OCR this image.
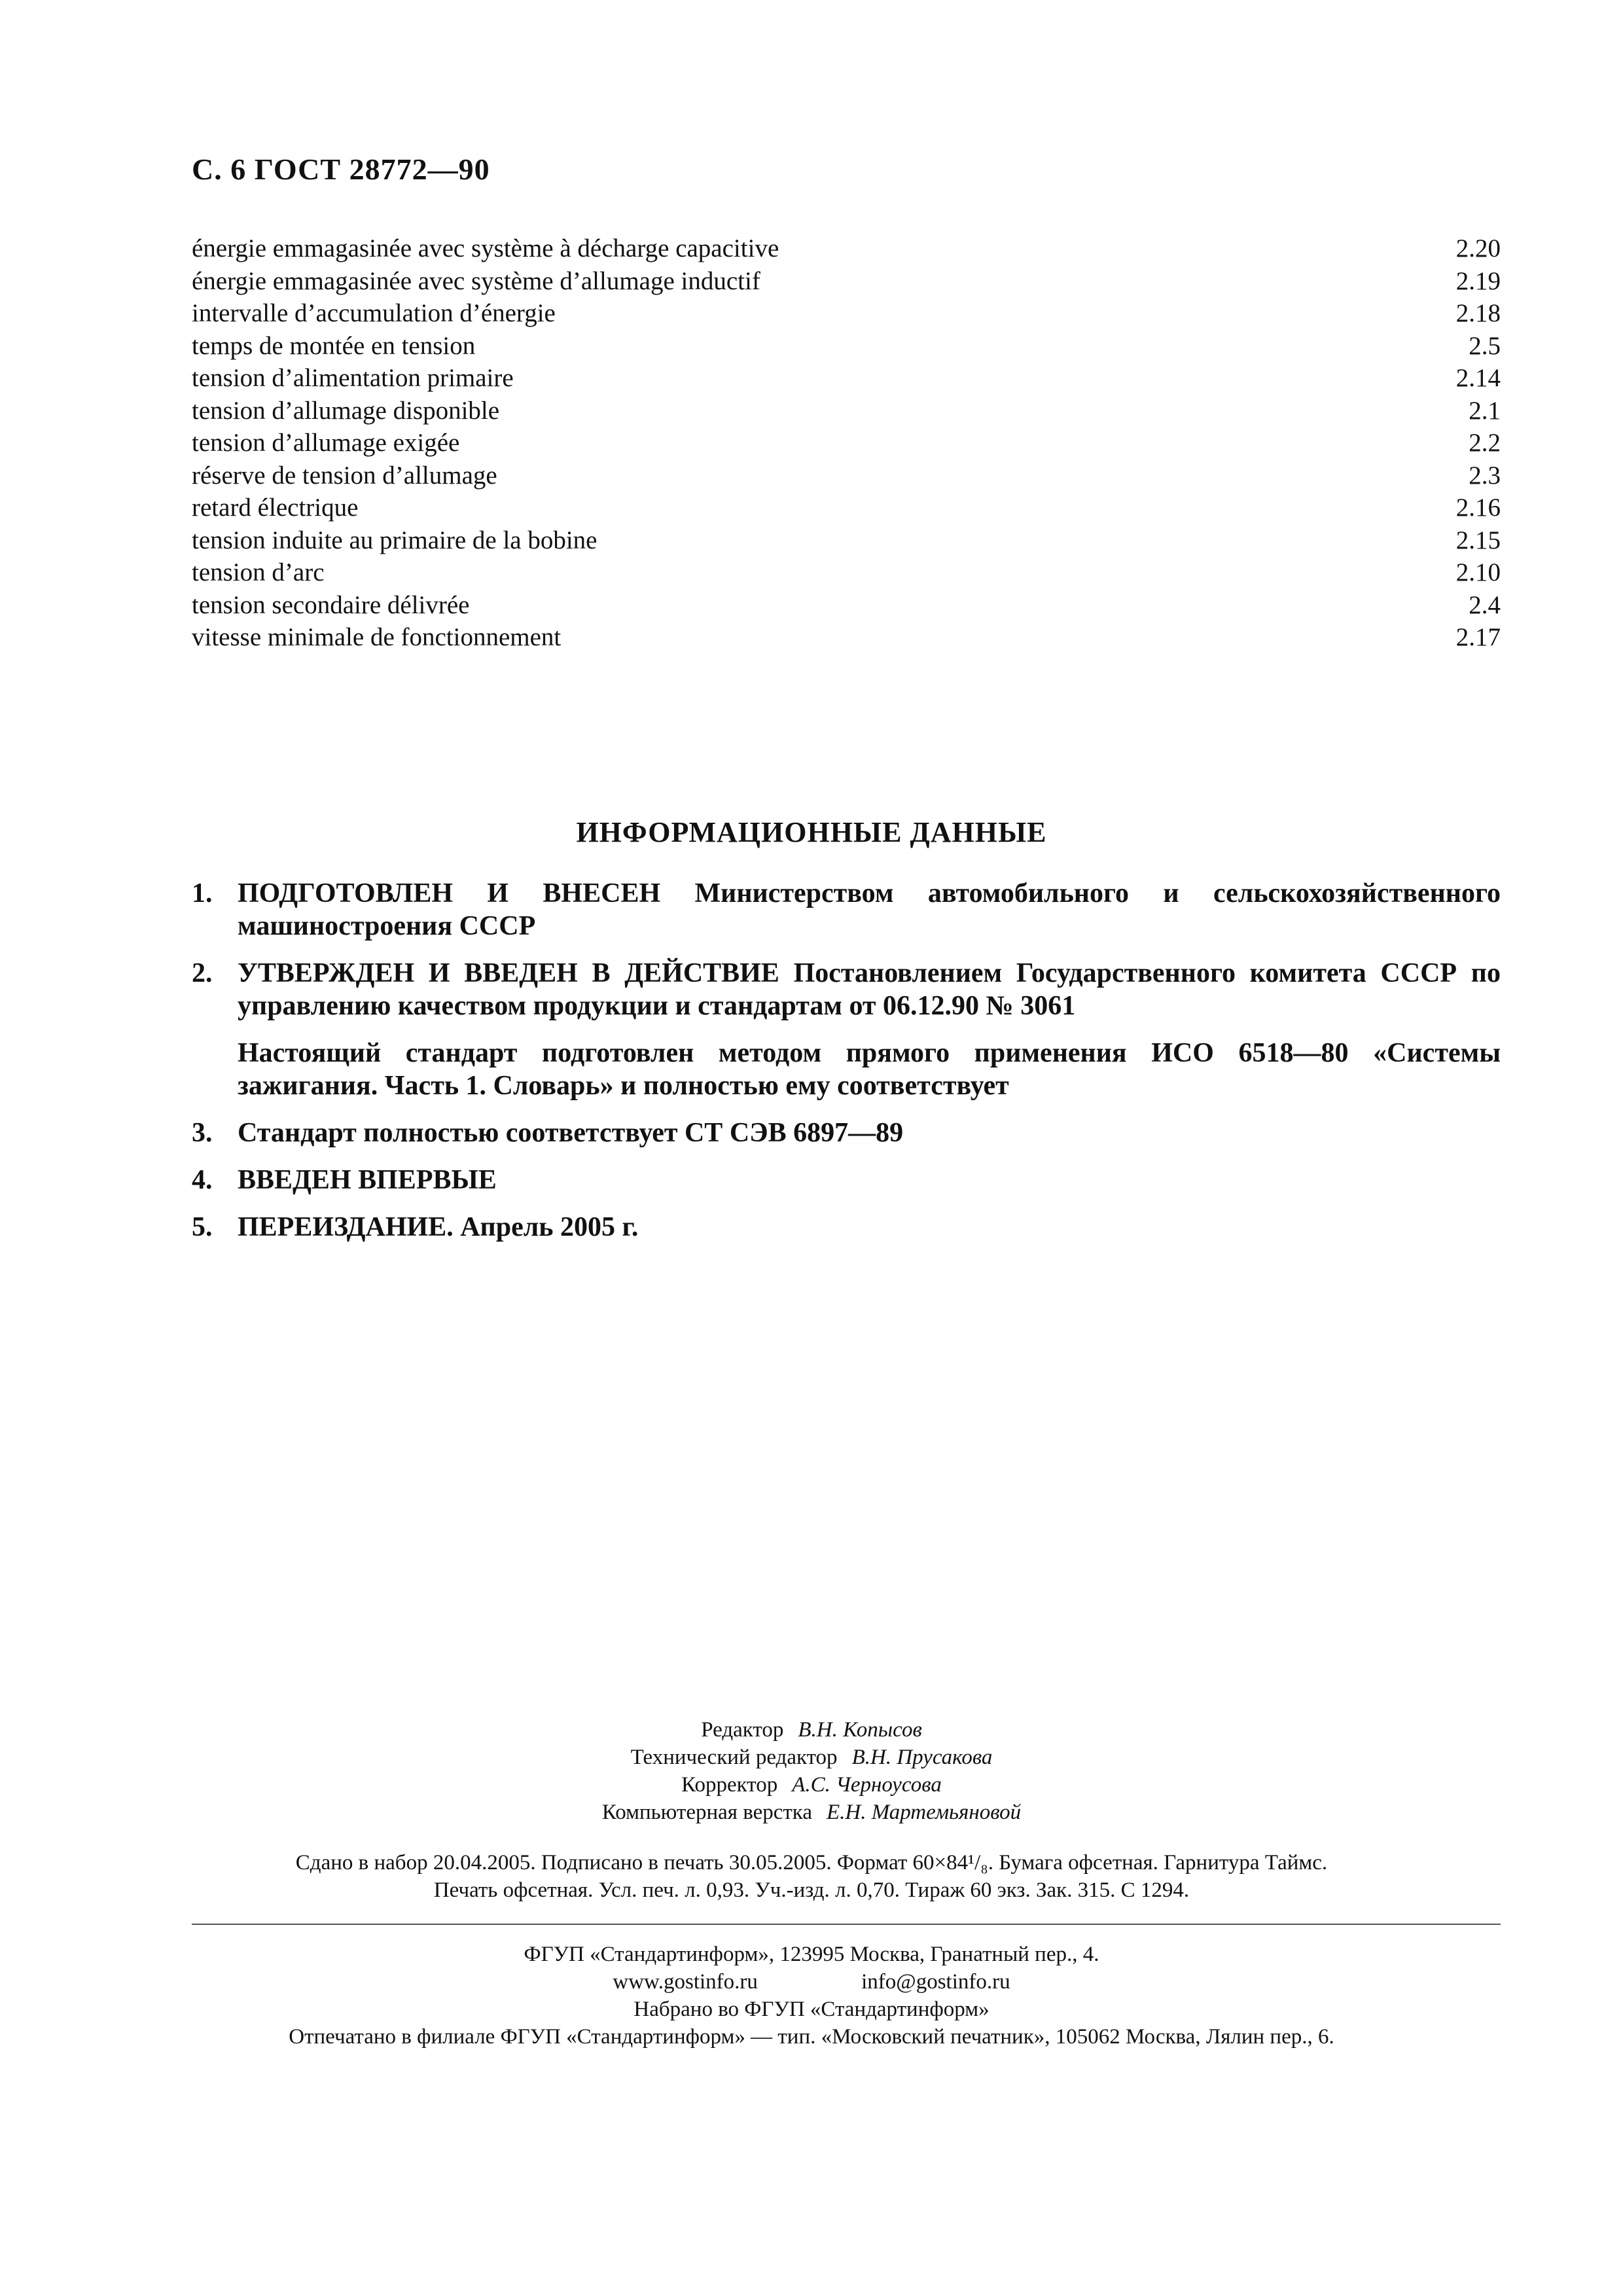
С. 6 ГОСТ 28772—90
énergie emmagasinée avec système à décharge capacitive	2.20
énergie emmagasinée avec système d’allumage inductif	2.19
intervalle d’accumulation d’énergie	2.18
temps de montée en tension	2.5
tension d’alimentation primaire	2.14
tension d’allumage disponible	2.1
tension d’allumage exigée	2.2
réserve de tension d’allumage	2.3
retard électrique	2.16
tension induite au primaire de la bobine	2.15
tension d’arc	2.10
tension secondaire délivrée	2.4
vitesse minimale de fonctionnement	2.17
ИНФОРМАЦИОННЫЕ ДАННЫЕ
1. ПОДГОТОВЛЕН И ВНЕСЕН Министерством автомобильного и сельскохозяйственного машиностроения СССР
2. УТВЕРЖДЕН И ВВЕДЕН В ДЕЙСТВИЕ Постановлением Государственного комитета СССР по управлению качеством продукции и стандартам от 06.12.90 № 3061
Настоящий стандарт подготовлен методом прямого применения ИСО 6518—80 «Системы зажигания. Часть 1. Словарь» и полностью ему соответствует
3. Стандарт полностью соответствует СТ СЭВ 6897—89
4. ВВЕДЕН ВПЕРВЫЕ
5. ПЕРЕИЗДАНИЕ. Апрель 2005 г.
Редактор В.Н. Копысов
Технический редактор В.Н. Прусакова
Корректор А.С. Черноусова
Компьютерная верстка Е.Н. Мартемьяновой
Сдано в набор 20.04.2005. Подписано в печать 30.05.2005. Формат 60×84¹/₈. Бумага офсетная. Гарнитура Таймс.
Печать офсетная. Усл. печ. л. 0,93. Уч.-изд. л. 0,70. Тираж 60 экз. Зак. 315. С 1294.
ФГУП «Стандартинформ», 123995 Москва, Гранатный пер., 4.
www.gostinfo.ru	info@gostinfo.ru
Набрано во ФГУП «Стандартинформ»
Отпечатано в филиале ФГУП «Стандартинформ» — тип. «Московский печатник», 105062 Москва, Лялин пер., 6.
